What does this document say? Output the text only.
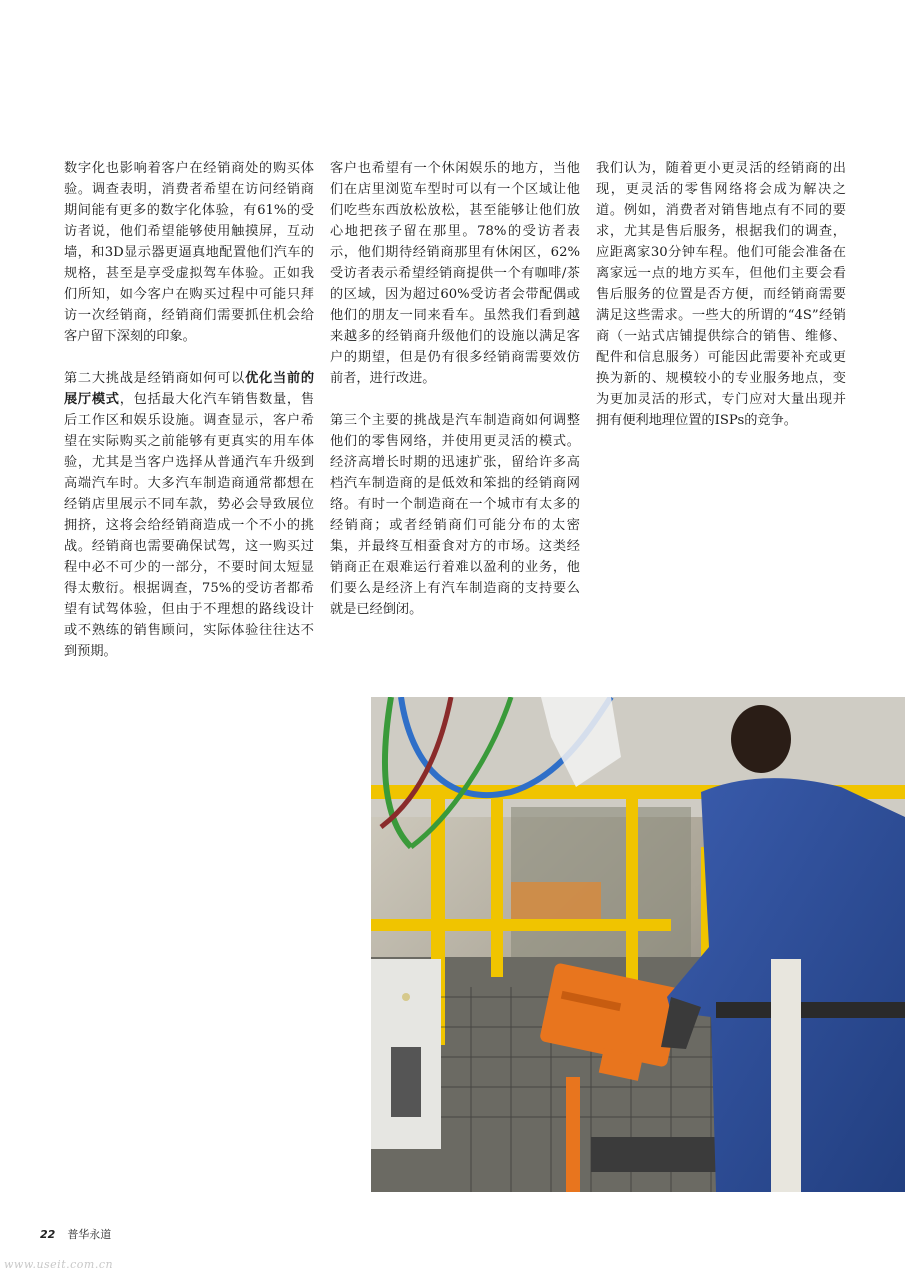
数字化也影响着客户在经销商处的购买体验。调查表明，消费者希望在访问经销商期间能有更多的数字化体验，有61%的受访者说，他们希望能够使用触摸屏，互动墙，和3D显示器更逼真地配置他们汽车的规格，甚至是享受虚拟驾车体验。正如我们所知，如今客户在购买过程中可能只拜访一次经销商，经销商们需要抓住机会给客户留下深刻的印象。

第二大挑战是经销商如何可以优化当前的展厅模式，包括最大化汽车销售数量，售后工作区和娱乐设施。调查显示，客户希望在实际购买之前能够有更真实的用车体验，尤其是当客户选择从普通汽车升级到高端汽车时。大多汽车制造商通常都想在经销店里展示不同车款，势必会导致展位拥挤，这将会给经销商造成一个不小的挑战。经销商也需要确保试驾，这一购买过程中必不可少的一部分，不要时间太短显得太敷衍。根据调查，75%的受访者都希望有试驾体验，但由于不理想的路线设计或不熟练的销售顾问，实际体验往往达不到预期。

客户也希望有一个休闲娱乐的地方，当他们在店里浏览车型时可以有一个区域让他们吃些东西放松放松，甚至能够让他们放心地把孩子留在那里。78%的受访者表示，他们期待经销商那里有休闲区，62%受访者表示希望经销商提供一个有咖啡/茶的区域，因为超过60%受访者会带配偶或他们的朋友一同来看车。虽然我们看到越来越多的经销商升级他们的设施以满足客户的期望，但是仍有很多经销商需要效仿前者，进行改进。

第三个主要的挑战是汽车制造商如何调整他们的零售网络，并使用更灵活的模式。经济高增长时期的迅速扩张，留给许多高档汽车制造商的是低效和笨拙的经销商网络。有时一个制造商在一个城市有太多的经销商；或者经销商们可能分布的太密集，并最终互相蚕食对方的市场。这类经销商正在艰难运行着难以盈利的业务，他们要么是经济上有汽车制造商的支持要么就是已经倒闭。

我们认为，随着更小更灵活的经销商的出现，更灵活的零售网络将会成为解决之道。例如，消费者对销售地点有不同的要求，尤其是售后服务，根据我们的调查，应距离家30分钟车程。他们可能会准备在离家远一点的地方买车，但他们主要会看售后服务的位置是否方便，而经销商需要满足这些需求。一些大的所谓的“4S”经销商（一站式店铺提供综合的销售、维修、配件和信息服务）可能因此需要补充或更换为新的、规模较小的专业服务地点，变为更加灵活的形式，专门应对大量出现并拥有便利地理位置的ISPs的竞争。

22 普华永道
www.useit.com.cn
